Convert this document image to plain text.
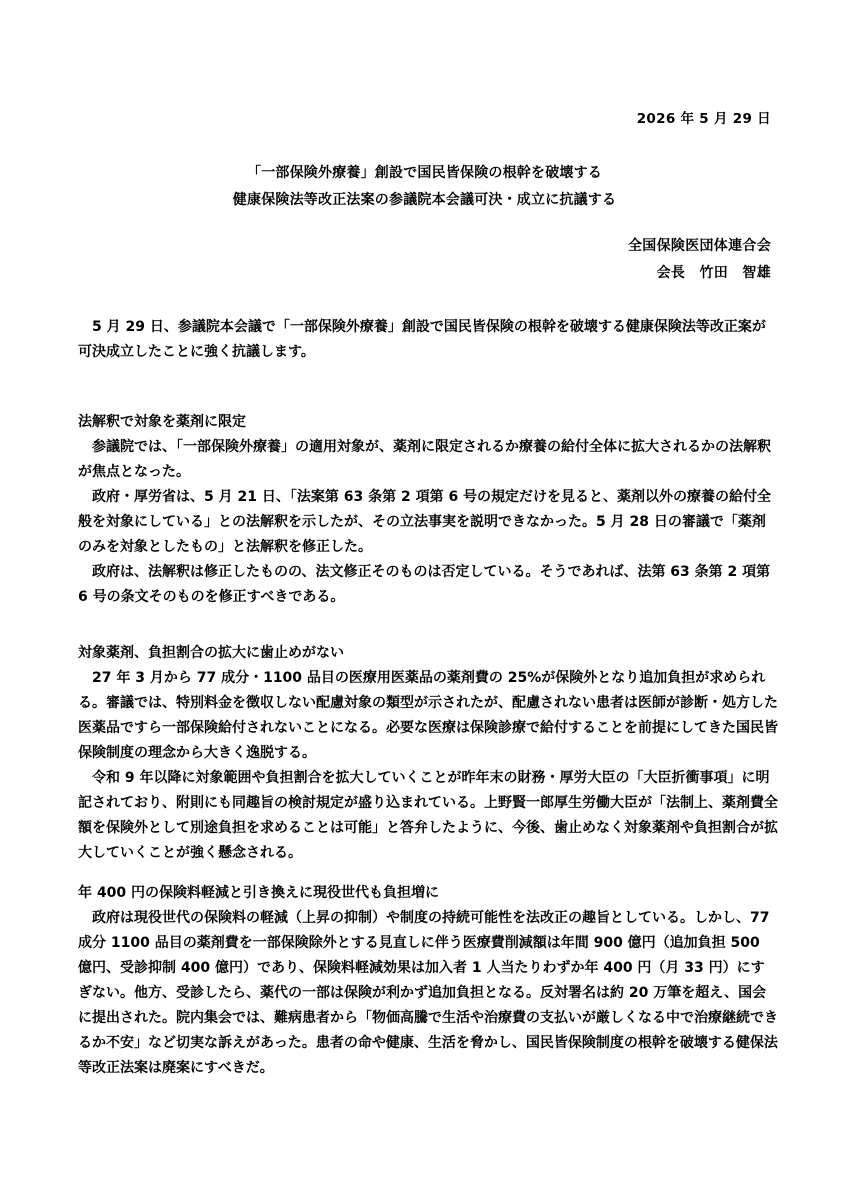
2026 年 5 月 29 日
「一部保険外療養」創設で国民皆保険の根幹を破壊する
健康保険法等改正法案の参議院本会議可決・成立に抗議する
全国保険医団体連合会
会長　竹田　智雄

5 月 29 日、参議院本会議で「一部保険外療養」創設で国民皆保険の根幹を破壊する健康保険法等改正案が可決成立したことに強く抗議します。

法解釈で対象を薬剤に限定

参議院では、「一部保険外療養」の適用対象が、薬剤に限定されるか療養の給付全体に拡大されるかの法解釈が焦点となった。

政府・厚労省は、5 月 21 日、「法案第 63 条第 2 項第 6 号の規定だけを見ると、薬剤以外の療養の給付全般を対象にしている」との法解釈を示したが、その立法事実を説明できなかった。5 月 28 日の審議で「薬剤のみを対象としたもの」と法解釈を修正した。

政府は、法解釈は修正したものの、法文修正そのものは否定している。そうであれば、法第 63 条第 2 項第 6 号の条文そのものを修正すべきである。

対象薬剤、負担割合の拡大に歯止めがない

27 年 3 月から 77 成分・1100 品目の医療用医薬品の薬剤費の 25%が保険外となり追加負担が求められる。審議では、特別料金を徴収しない配慮対象の類型が示されたが、配慮されない患者は医師が診断・処方した医薬品ですら一部保険給付されないことになる。必要な医療は保険診療で給付することを前提にしてきた国民皆保険制度の理念から大きく逸脱する。

令和 9 年以降に対象範囲や負担割合を拡大していくことが昨年末の財務・厚労大臣の「大臣折衝事項」に明記されており、附則にも同趣旨の検討規定が盛り込まれている。上野賢一郎厚生労働大臣が「法制上、薬剤費全額を保険外として別途負担を求めることは可能」と答弁したように、今後、歯止めなく対象薬剤や負担割合が拡大していくことが強く懸念される。

年 400 円の保険料軽減と引き換えに現役世代も負担増に

政府は現役世代の保険料の軽減（上昇の抑制）や制度の持続可能性を法改正の趣旨としている。しかし、77 成分 1100 品目の薬剤費を一部保険除外とする見直しに伴う医療費削減額は年間 900 億円（追加負担 500 億円、受診抑制 400 億円）であり、保険料軽減効果は加入者 1 人当たりわずか年 400 円（月 33 円）にすぎない。他方、受診したら、薬代の一部は保険が利かず追加負担となる。反対署名は約 20 万筆を超え、国会に提出された。院内集会では、難病患者から「物価高騰で生活や治療費の支払いが厳しくなる中で治療継続できるか不安」など切実な訴えがあった。患者の命や健康、生活を脅かし、国民皆保険制度の根幹を破壊する健保法等改正法案は廃案にすべきだ。
